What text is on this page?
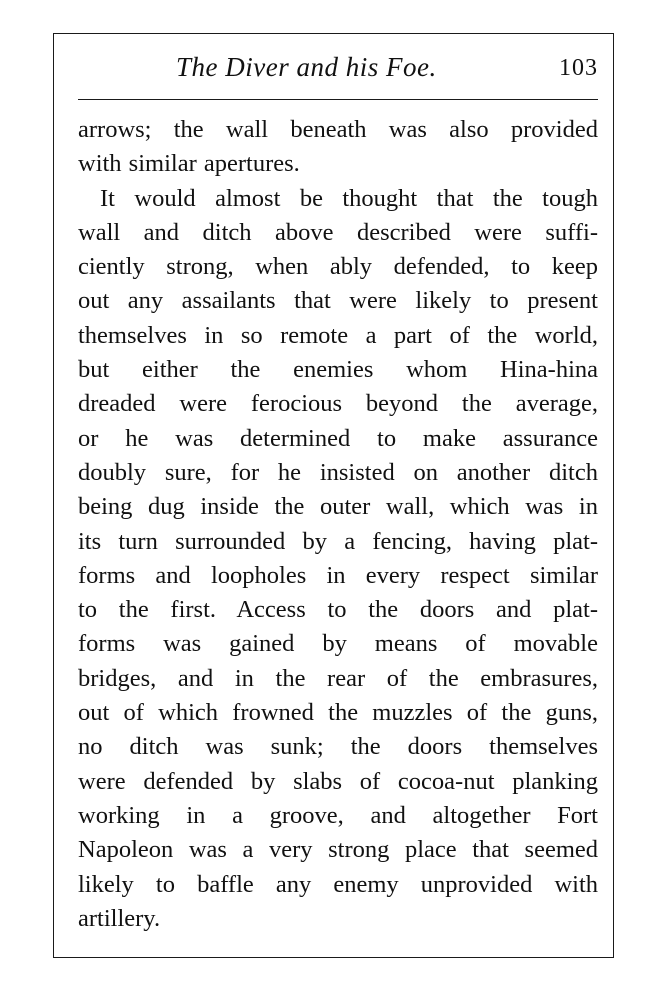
The Diver and his Foe.	103
arrows; the wall beneath was also provided
with similar apertures.
It would almost be thought that the tough
wall and ditch above described were suffi-
ciently strong, when ably defended, to keep
out any assailants that were likely to present
themselves in so remote a part of the world,
but either the enemies whom Hina-hina
dreaded were ferocious beyond the average,
or he was determined to make assurance
doubly sure, for he insisted on another ditch
being dug inside the outer wall, which was in
its turn surrounded by a fencing, having plat-
forms and loopholes in every respect similar
to the first. Access to the doors and plat-
forms was gained by means of movable
bridges, and in the rear of the embrasures,
out of which frowned the muzzles of the guns,
no ditch was sunk; the doors themselves
were defended by slabs of cocoa-nut planking
working in a groove, and altogether Fort
Napoleon was a very strong place that seemed
likely to baffle any enemy unprovided with
artillery.
